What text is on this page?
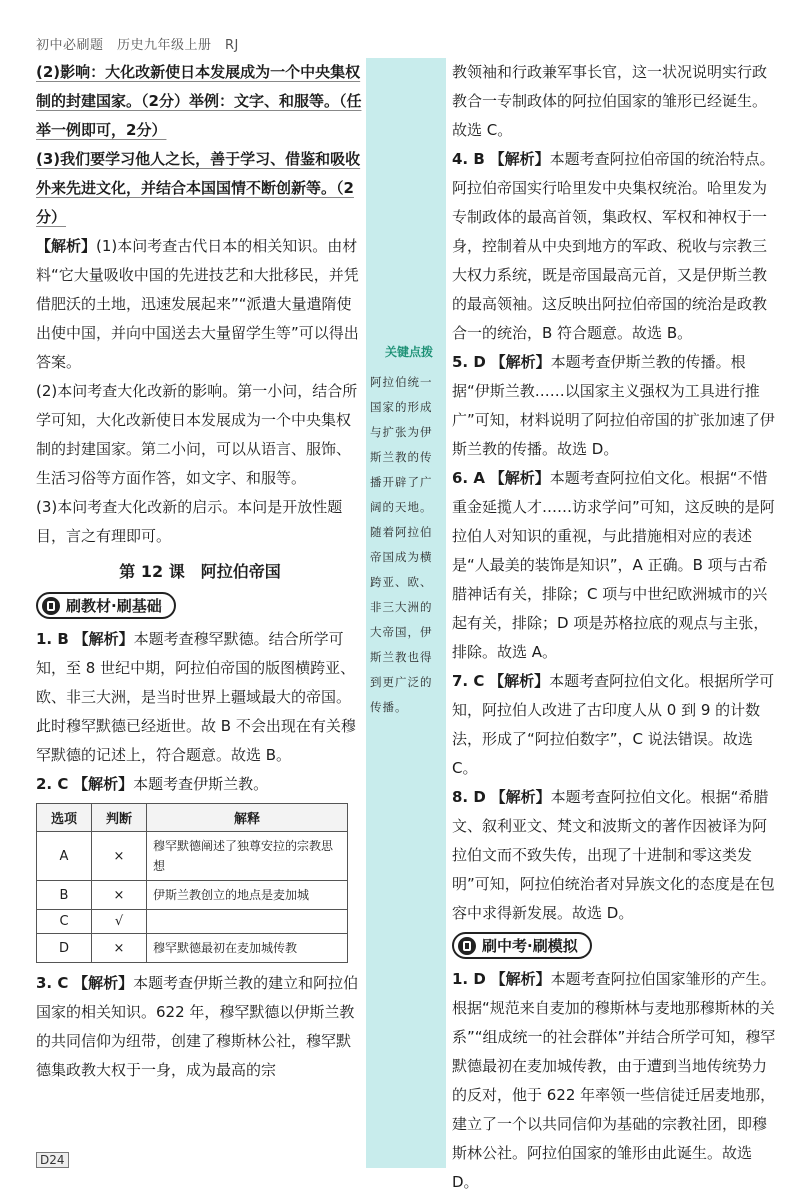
初中必刷题　历史九年级上册　RJ

(2)影响：大化改新使日本发展成为一个中央集权制的封建国家。（2分）举例：文字、和服等。（任举一例即可，2分）

(3)我们要学习他人之长，善于学习、借鉴和吸收外来先进文化，并结合本国国情不断创新等。（2分）

【解析】(1)本问考查古代日本的相关知识。由材料“它大量吸收中国的先进技艺和大批移民，并凭借肥沃的土地，迅速发展起来”“派遣大量遣隋使出使中国，并向中国送去大量留学生等”可以得出答案。

(2)本问考查大化改新的影响。第一小问，结合所学可知，大化改新使日本发展成为一个中央集权制的封建国家。第二小问，可以从语言、服饰、生活习俗等方面作答，如文字、和服等。

(3)本问考查大化改新的启示。本问是开放性题目，言之有理即可。

第 12 课　阿拉伯帝国
刷教材·刷基础

1. B 【解析】本题考查穆罕默德。结合所学可知，至 8 世纪中期，阿拉伯帝国的版图横跨亚、欧、非三大洲，是当时世界上疆域最大的帝国。此时穆罕默德已经逝世。故 B 不会出现在有关穆罕默德的记述上，符合题意。故选 B。

2. C 【解析】本题考查伊斯兰教。

选项	判断	解释
A	×	穆罕默德阐述了独尊安拉的宗教思想
B	×	伊斯兰教创立的地点是麦加城
C	√	
D	×	穆罕默德最初在麦加城传教

3. C 【解析】本题考查伊斯兰教的建立和阿拉伯国家的相关知识。622 年，穆罕默德以伊斯兰教的共同信仰为纽带，创建了穆斯林公社，穆罕默德集政教大权于一身，成为最高的宗

关键点拨
阿拉伯统一国家的形成与扩张为伊斯兰教的传播开辟了广阔的天地。随着阿拉伯帝国成为横跨亚、欧、非三大洲的大帝国，伊斯兰教也得到更广泛的传播。

教领袖和行政兼军事长官，这一状况说明实行政教合一专制政体的阿拉伯国家的雏形已经诞生。故选 C。

4. B 【解析】本题考查阿拉伯帝国的统治特点。阿拉伯帝国实行哈里发中央集权统治。哈里发为专制政体的最高首领，集政权、军权和神权于一身，控制着从中央到地方的军政、税收与宗教三大权力系统，既是帝国最高元首，又是伊斯兰教的最高领袖。这反映出阿拉伯帝国的统治是政教合一的统治，B 符合题意。故选 B。

5. D 【解析】本题考查伊斯兰教的传播。根据“伊斯兰教……以国家主义强权为工具进行推广”可知，材料说明了阿拉伯帝国的扩张加速了伊斯兰教的传播。故选 D。

6. A 【解析】本题考查阿拉伯文化。根据“不惜重金延揽人才……访求学问”可知，这反映的是阿拉伯人对知识的重视，与此措施相对应的表述是“人最美的装饰是知识”，A 正确。B 项与古希腊神话有关，排除；C 项与中世纪欧洲城市的兴起有关，排除；D 项是苏格拉底的观点与主张，排除。故选 A。

7. C 【解析】本题考查阿拉伯文化。根据所学可知，阿拉伯人改进了古印度人从 0 到 9 的计数法，形成了“阿拉伯数字”，C 说法错误。故选 C。

8. D 【解析】本题考查阿拉伯文化。根据“希腊文、叙利亚文、梵文和波斯文的著作因被译为阿拉伯文而不致失传，出现了十进制和零这类发明”可知，阿拉伯统治者对异族文化的态度是在包容中求得新发展。故选 D。

刷中考·刷模拟

1. D 【解析】本题考查阿拉伯国家雏形的产生。根据“规范来自麦加的穆斯林与麦地那穆斯林的关系”“组成统一的社会群体”并结合所学可知，穆罕默德最初在麦加城传教，由于遭到当地传统势力的反对，他于 622 年率领一些信徒迁居麦地那，建立了一个以共同信仰为基础的宗教社团，即穆斯林公社。阿拉伯国家的雏形由此诞生。故选 D。

D24
